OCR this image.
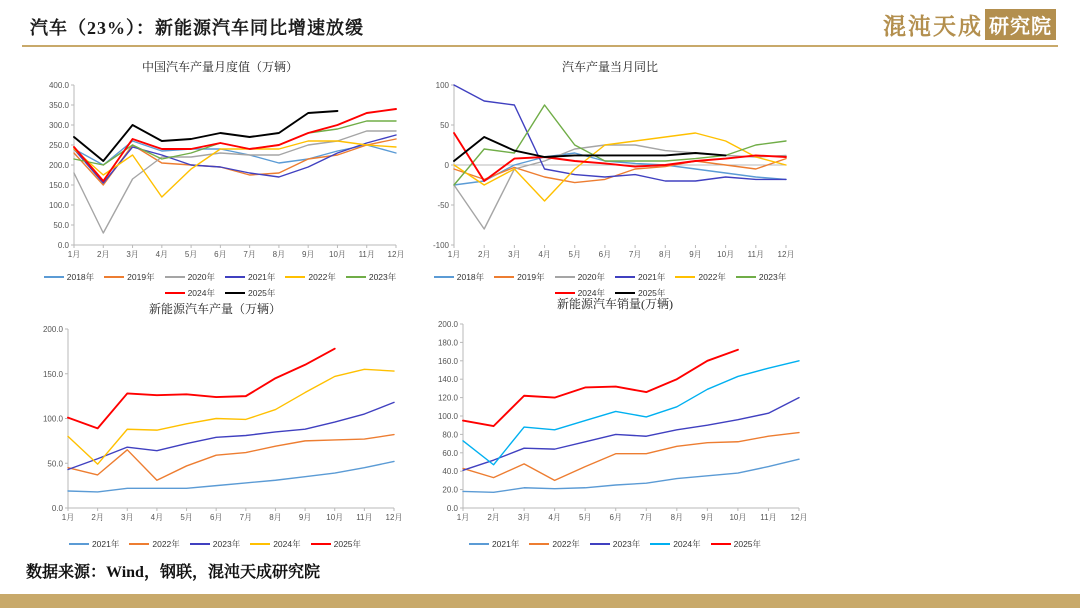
汽车（23%）：新能源汽车同比增速放缓	混沌天成 研究院
中国汽车产量月度值（万辆）
0.0
50.0
100.0
150.0
200.0
250.0
300.0
350.0
400.0
1月 2月 3月 4月 5月 6月 7月 8月 9月 10月 11月 12月
2018年	2019年	2020年	2021年	2022年	2023年
2024年	2025年
汽车产量当月同比
-100
-50
0
50
100
1月 2月 3月 4月 5月 6月 7月 8月 9月 10月 11月 12月
2018年	2019年	2020年	2021年	2022年	2023年
2024年	2025年
新能源汽车产量（万辆）
0.0
50.0
100.0
150.0
200.0
1月 2月 3月 4月 5月 6月 7月 8月 9月 10月 11月 12月
2021年	2022年	2023年	2024年	2025年
新能源汽车销量(万辆)
0.0
20.0
40.0
60.0
80.0
100.0
120.0
140.0
160.0
180.0
200.0
1月 2月 3月 4月 5月 6月 7月 8月 9月 10月 11月 12月
2021年	2022年	2023年	2024年	2025年
数据来源：Wind，钢联，混沌天成研究院
